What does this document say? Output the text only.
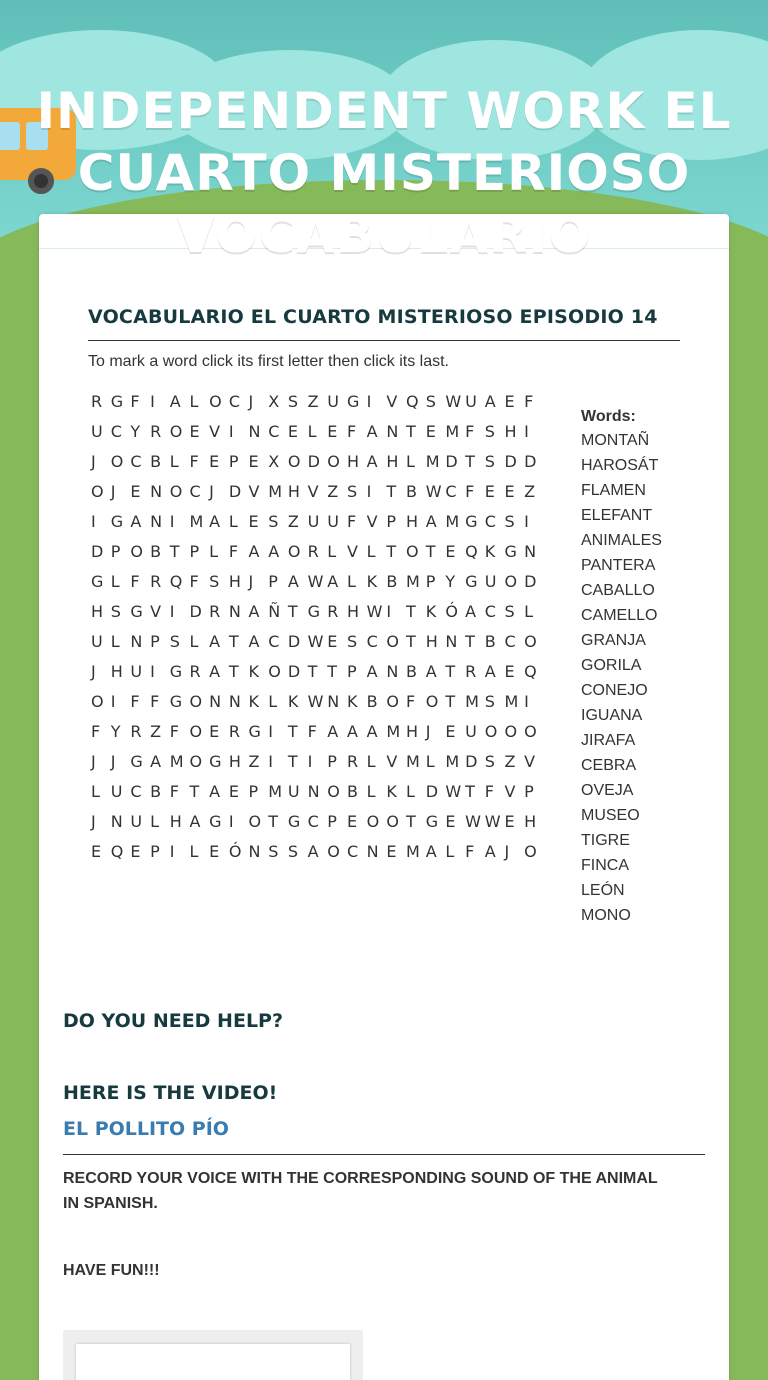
INDEPENDENT WORK EL CUARTO MISTERIOSO VOCABULARIO
VOCABULARIO EL CUARTO MISTERIOSO EPISODIO 14
To mark a word click its first letter then click its last.
R G F I A L O C J X S Z U G I V Q S W U A E F
U C Y R O E V I N C E L E F A N T E M F S H I
J O C B L F E P E X O D O H A H L M D T S D D
O J E N O C J D V M H V Z S I T B W C F E E Z
I G A N I M A L E S Z U U F V P H A M G C S I
D P O B T P L F A A O R L V L T O T E Q K G N
G L F R Q F S H J P A W A L K B M P Y G U O D
H S G V I D R N A Ñ T G R H W I T K Ó A C S L
U L N P S L A T A C D W E S C O T H N T B C O
J H U I G R A T K O D T T P A N B A T R A E Q
O I F F G O N N K L K W N K B O F O T M S M I
F Y R Z F O E R G I T F A A A M H J E U O O O
J J G A M O G H Z I T I P R L V M L M D S Z V
L U C B F T A E P M U N O B L K L D W T F V P
J N U L H A G I O T G C P E O O T G E W W E H
E Q E P I L E Ó N S S A O C N E M A L F A J O
Words:
MONTAÑ
HAROSÁT
FLAMEN
ELEFANT
ANIMALES
PANTERA
CABALLO
CAMELLO
GRANJA
GORILA
CONEJO
IGUANA
JIRAFA
CEBRA
OVEJA
MUSEO
TIGRE
FINCA
LEÓN
MONO
DO YOU NEED HELP?
HERE IS THE VIDEO!
EL POLLITO PÍO
RECORD YOUR VOICE WITH THE CORRESPONDING SOUND OF THE ANIMAL IN SPANISH.
HAVE FUN!!!
